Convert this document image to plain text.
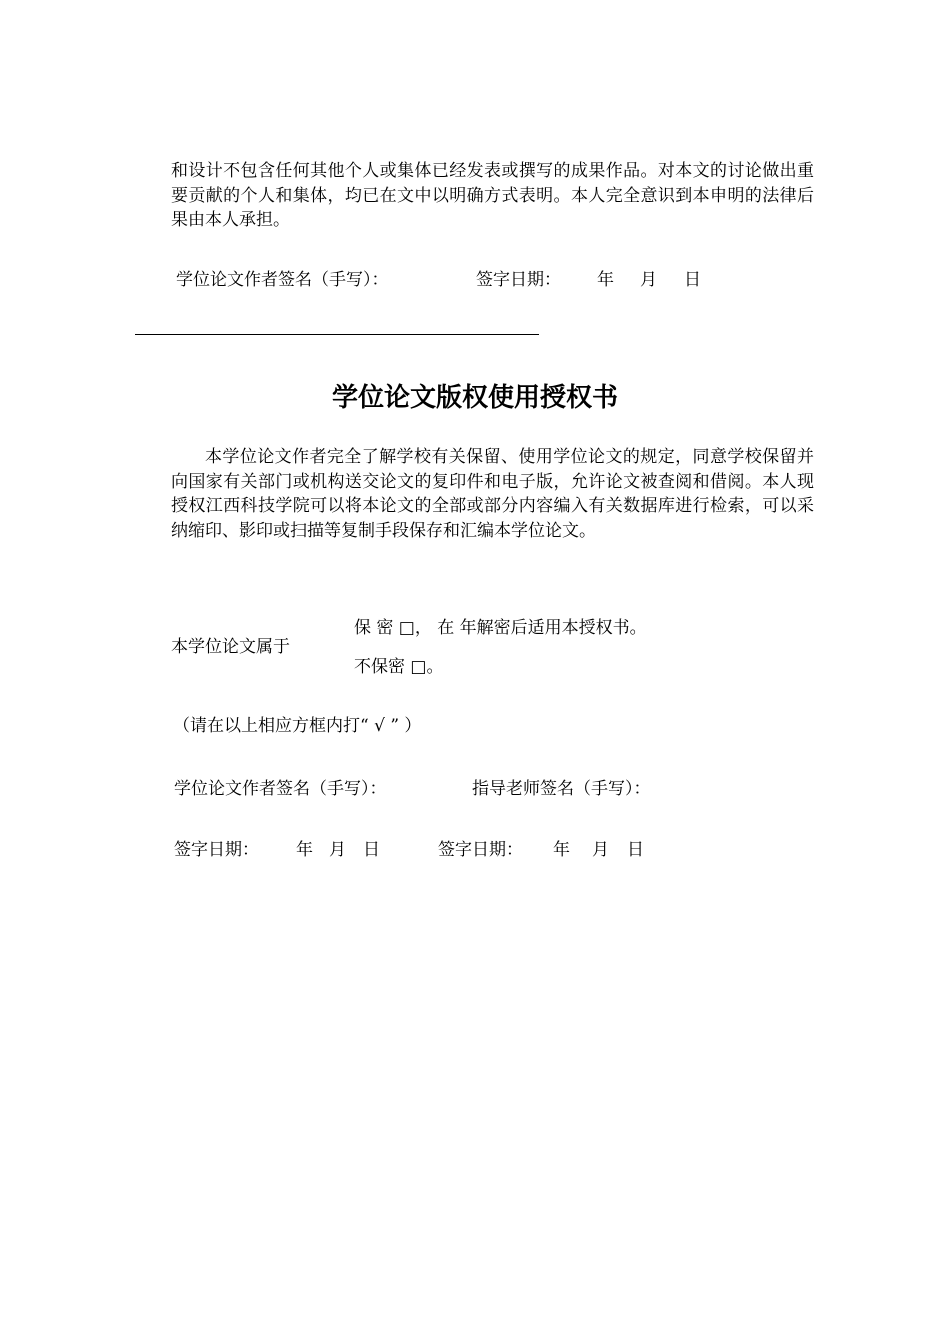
和设计不包含任何其他个人或集体已经发表或撰写的成果作品。对本文的讨论做出重要贡献的个人和集体，均已在文中以明确方式表明。本人完全意识到本申明的法律后果由本人承担。

学位论文作者签名（手写）：	签字日期： 年 月 日
学位论文版权使用授权书

本学位论文作者完全了解学校有关保留、使用学位论文的规定，同意学校保留并向国家有关部门或机构送交论文的复印件和电子版，允许论文被查阅和借阅。本人现授权江西科技学院可以将本论文的全部或部分内容编入有关数据库进行检索，可以采纳缩印、影印或扫描等复制手段保存和汇编本学位论文。

本学位论文属于
保 密 □， 在 年解密后适用本授权书。
不保密 □。
（请在以上相应方框内打“ √ ” ）
学位论文作者签名（手写）：	指导老师签名（手写）：
签字日期： 年 月 日	签字日期： 年 月 日
